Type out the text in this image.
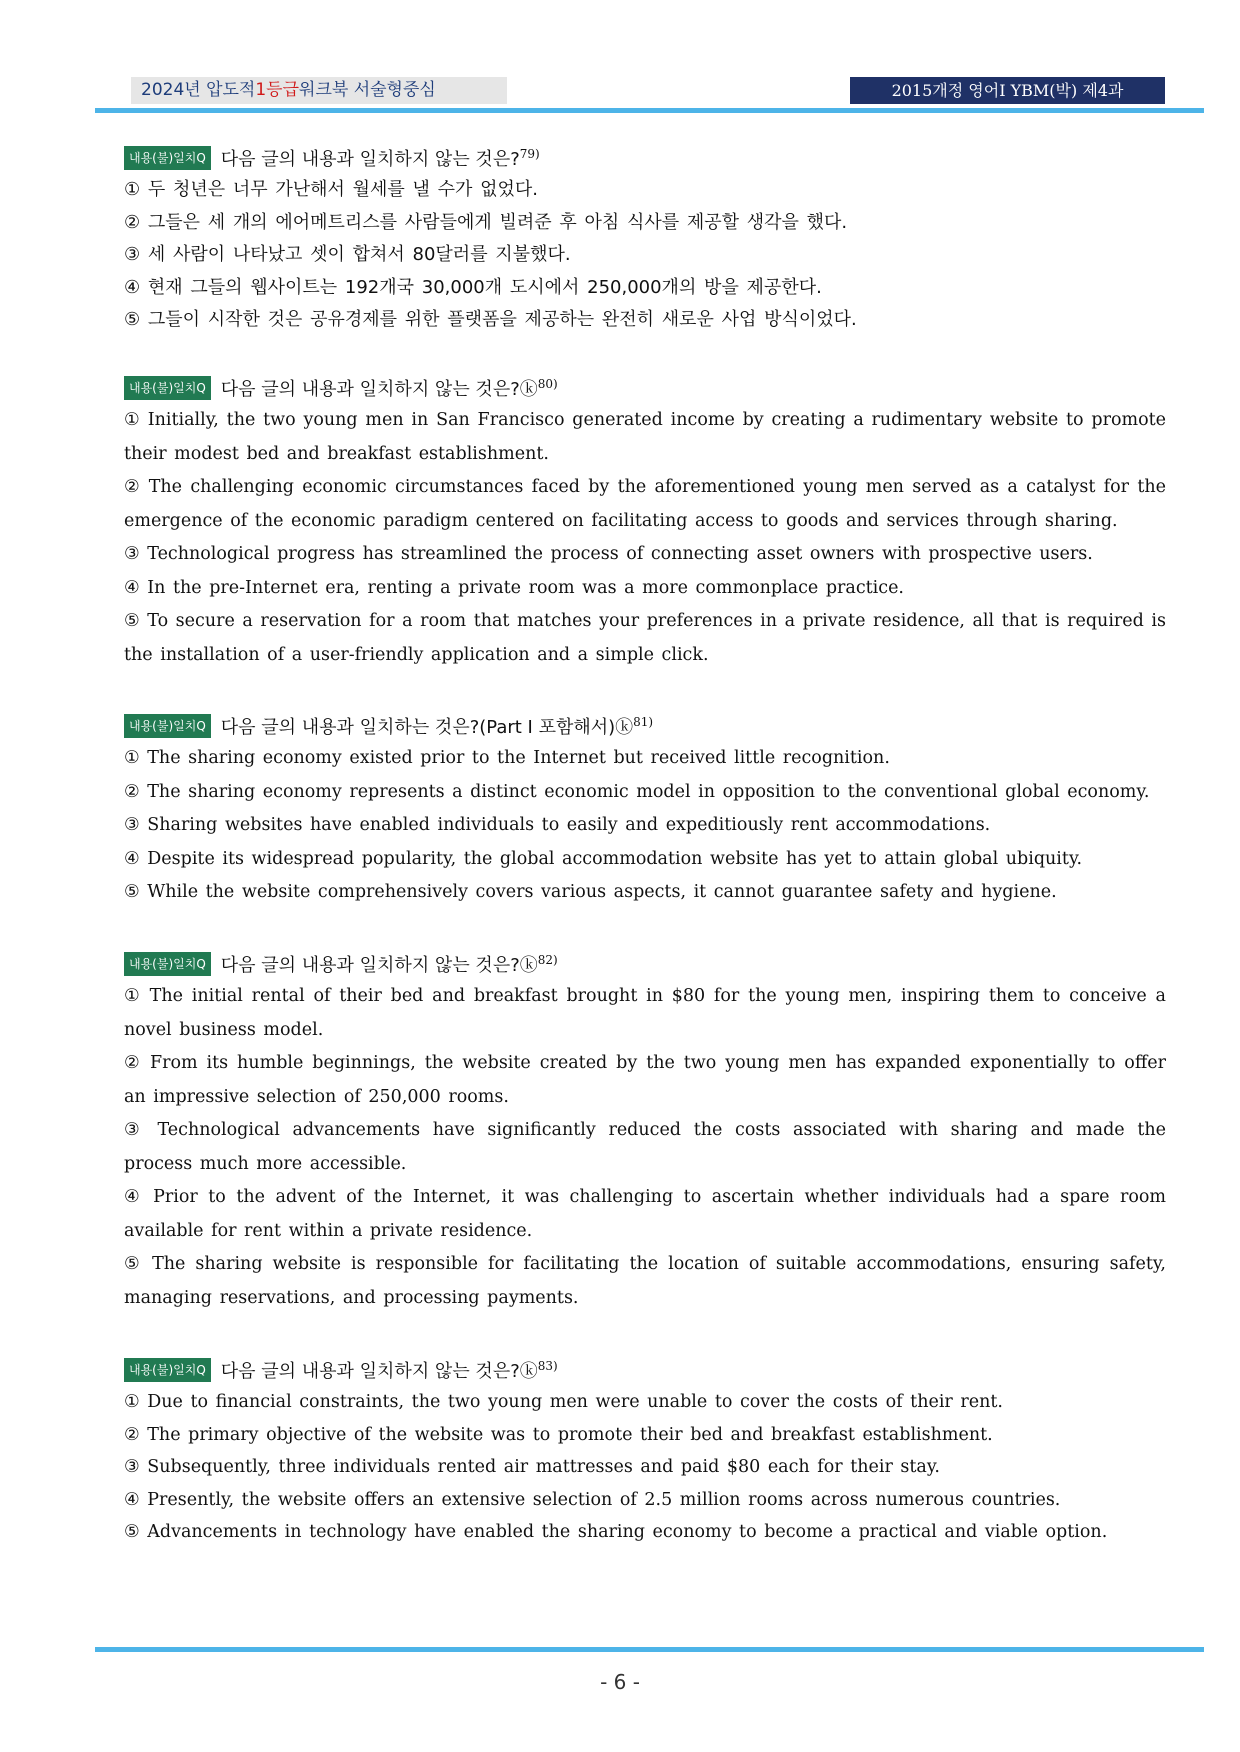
2024년 압도적1등급워크북 서술형중심	2015개정 영어Ⅰ YBM(박) 제4과
내용(불)일치Q 다음 글의 내용과 일치하지 않는 것은?$^{79)}$
① 두 청년은 너무 가난해서 월세를 낼 수가 없었다.
② 그들은 세 개의 에어메트리스를 사람들에게 빌려준 후 아침 식사를 제공할 생각을 했다.
③ 세 사람이 나타났고 셋이 합쳐서 80달러를 지불했다.
④ 현재 그들의 웹사이트는 192개국 30,000개 도시에서 250,000개의 방을 제공한다.
⑤ 그들이 시작한 것은 공유경제를 위한 플랫폼을 제공하는 완전히 새로운 사업 방식이었다.
내용(불)일치Q 다음 글의 내용과 일치하지 않는 것은?ⓚ$^{80)}$
① Initially, the two young men in San Francisco generated income by creating a rudimentary website to promote their modest bed and breakfast establishment.
② The challenging economic circumstances faced by the aforementioned young men served as a catalyst for the emergence of the economic paradigm centered on facilitating access to goods and services through sharing.
③ Technological progress has streamlined the process of connecting asset owners with prospective users.
④ In the pre-Internet era, renting a private room was a more commonplace practice.
⑤ To secure a reservation for a room that matches your preferences in a private residence, all that is required is the installation of a user-friendly application and a simple click.
내용(불)일치Q 다음 글의 내용과 일치하는 것은?(Part Ⅰ 포함해서)ⓚ$^{81)}$
① The sharing economy existed prior to the Internet but received little recognition.
② The sharing economy represents a distinct economic model in opposition to the conventional global economy.
③ Sharing websites have enabled individuals to easily and expeditiously rent accommodations.
④ Despite its widespread popularity, the global accommodation website has yet to attain global ubiquity.
⑤ While the website comprehensively covers various aspects, it cannot guarantee safety and hygiene.
내용(불)일치Q 다음 글의 내용과 일치하지 않는 것은?ⓚ$^{82)}$
① The initial rental of their bed and breakfast brought in $80 for the young men, inspiring them to conceive a novel business model.
② From its humble beginnings, the website created by the two young men has expanded exponentially to offer an impressive selection of 250,000 rooms.
③ Technological advancements have significantly reduced the costs associated with sharing and made the process much more accessible.
④ Prior to the advent of the Internet, it was challenging to ascertain whether individuals had a spare room available for rent within a private residence.
⑤ The sharing website is responsible for facilitating the location of suitable accommodations, ensuring safety, managing reservations, and processing payments.
내용(불)일치Q 다음 글의 내용과 일치하지 않는 것은?ⓚ$^{83)}$
① Due to financial constraints, the two young men were unable to cover the costs of their rent.
② The primary objective of the website was to promote their bed and breakfast establishment.
③ Subsequently, three individuals rented air mattresses and paid $80 each for their stay.
④ Presently, the website offers an extensive selection of 2.5 million rooms across numerous countries.
⑤ Advancements in technology have enabled the sharing economy to become a practical and viable option.
- 6 -
